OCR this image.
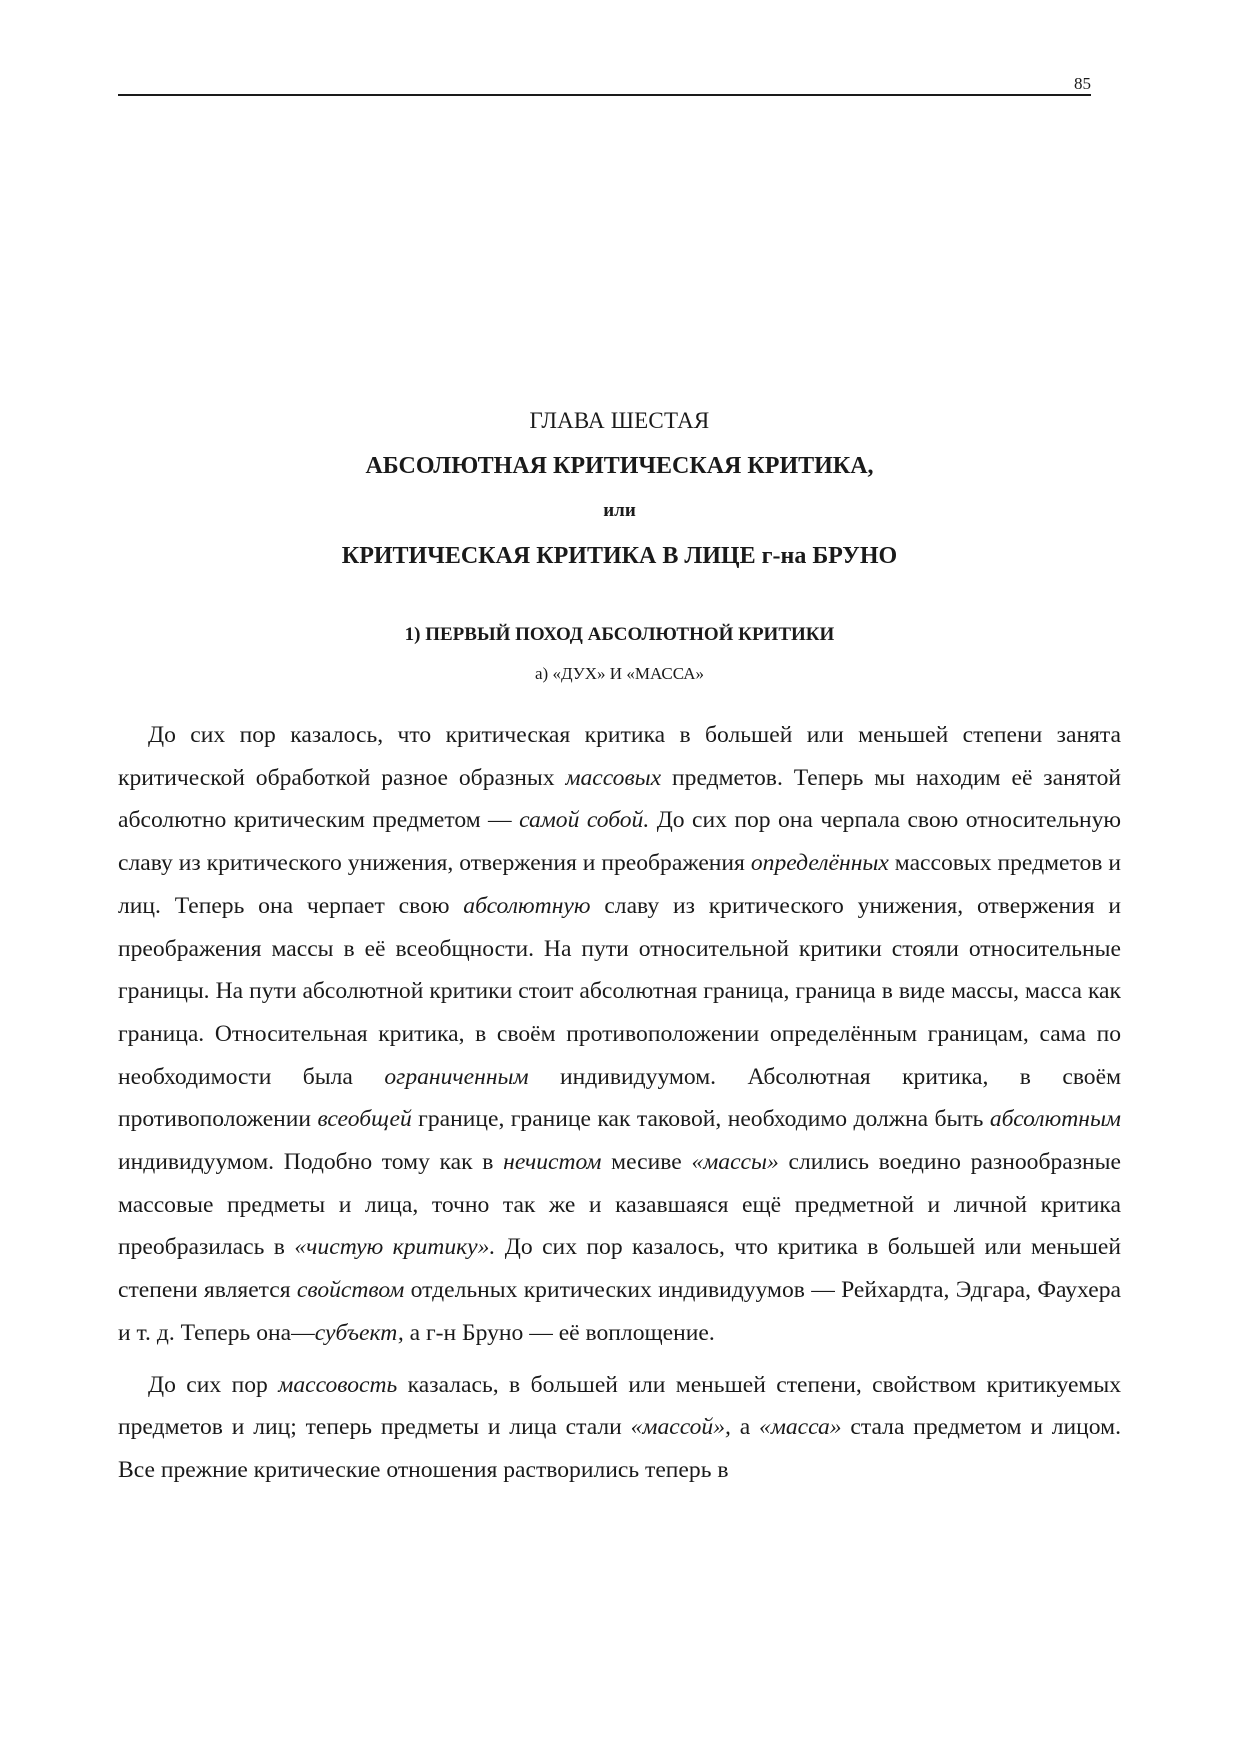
85
ГЛАВА ШЕСТАЯ
АБСОЛЮТНАЯ КРИТИЧЕСКАЯ КРИТИКА,
или
КРИТИЧЕСКАЯ КРИТИКА В ЛИЦЕ г-на БРУНО
1) ПЕРВЫЙ ПОХОД АБСОЛЮТНОЙ КРИТИКИ
а) «ДУХ» И «МАССА»

До сих пор казалось, что критическая критика в большей или меньшей степени занята критической обработкой разное образных массовых предметов. Теперь мы находим её занятой абсолютно критическим предметом — самой собой. До сих пор она черпала свою относительную славу из критического унижения, отвержения и преображения определённых массовых предметов и лиц. Теперь она черпает свою абсолютную славу из критического унижения, отвержения и преображения массы в её всеобщности. На пути относительной критики стояли относительные границы. На пути абсолютной критики стоит абсолютная граница, граница в виде массы, масса как граница. Относительная критика, в своём противоположении определённым границам, сама по необходимости была ограниченным индивидуумом. Абсолютная критика, в своём противоположении всеобщей границе, границе как таковой, необходимо должна быть абсолютным индивидуумом. Подобно тому как в нечистом месиве «массы» слились воедино разнообразные массовые предметы и лица, точно так же и казавшаяся ещё предметной и личной критика преобразилась в «чистую критику». До сих пор казалось, что критика в большей или меньшей степени является свойством отдельных критических индивидуумов — Рейхардта, Эдгара, Фаухера и т. д. Теперь она—субъект, а г-н Бруно — её воплощение.

До сих пор массовость казалась, в большей или меньшей степени, свойством критикуемых предметов и лиц; теперь предметы и лица стали «массой», а «масса» стала предметом и лицом. Все прежние критические отношения растворились теперь в
